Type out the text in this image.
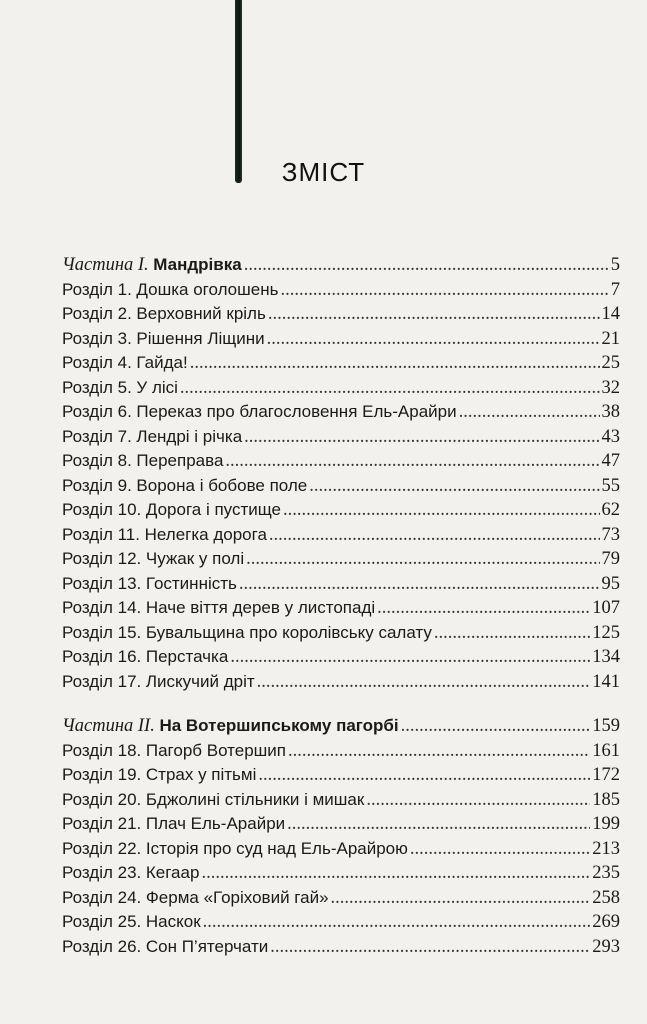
ЗМІСТ
Частина I. Мандрівка .....	5
Розділ 1. Дошка оголошень .....	7
Розділ 2. Верховний кріль .....	14
Розділ 3. Рішення Ліщини .....	21
Розділ 4. Гайда! .....	25
Розділ 5. У лісі .....	32
Розділ 6. Переказ про благословення Ель-Арайри .....	38
Розділ 7. Лендрі і річка .....	43
Розділ 8. Переправа .....	47
Розділ 9. Ворона і бобове поле .....	55
Розділ 10. Дорога і пустище .....	62
Розділ 11. Нелегка дорога .....	73
Розділ 12. Чужак у полі .....	79
Розділ 13. Гостинність .....	95
Розділ 14. Наче віття дерев у листопаді .....	107
Розділ 15. Бувальщина про королівську салату .....	125
Розділ 16. Перстачка .....	134
Розділ 17. Лискучий дріт .....	141
Частина II. На Вотершипському пагорбі .....	159
Розділ 18. Пагорб Вотершип .....	161
Розділ 19. Страх у пітьмі .....	172
Розділ 20. Бджолині стільники і мишак .....	185
Розділ 21. Плач Ель-Арайри .....	199
Розділ 22. Історія про суд над Ель-Арайрою .....	213
Розділ 23. Кегаар .....	235
Розділ 24. Ферма «Горіховий гай» .....	258
Розділ 25. Наскок .....	269
Розділ 26. Сон П’ятерчати .....	293
